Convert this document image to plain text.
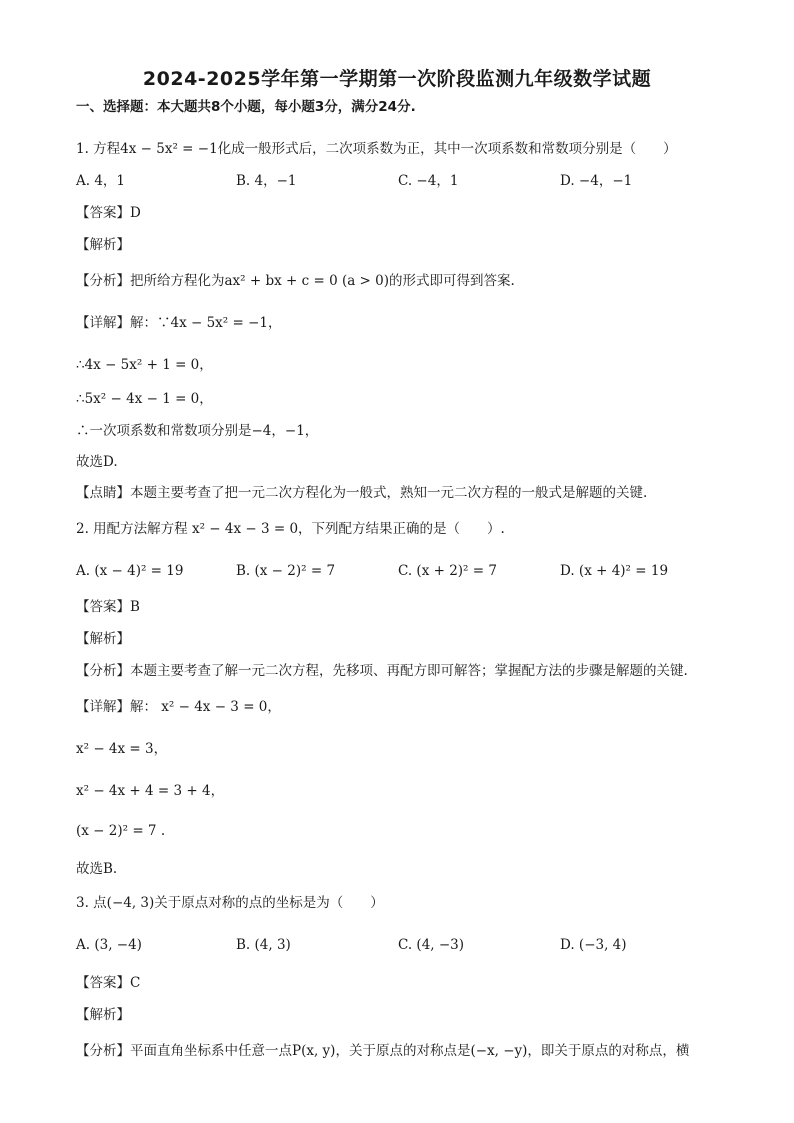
2024-2025学年第一学期第一次阶段监测九年级数学试题
一、选择题：本大题共8个小题，每小题3分，满分24分.
1. 方程4x − 5x² = −1化成一般形式后，二次项系数为正，其中一次项系数和常数项分别是（　　）
A. 4，1	B. 4，−1	C. −4，1	D. −4，−1
【答案】D
【解析】
【分析】把所给方程化为ax² + bx + c = 0 (a > 0)的形式即可得到答案.
【详解】解：∵4x − 5x² = −1，
∴4x − 5x² + 1 = 0，
∴5x² − 4x − 1 = 0，
∴一次项系数和常数项分别是−4，−1，
故选D.
【点睛】本题主要考查了把一元二次方程化为一般式，熟知一元二次方程的一般式是解题的关键.
2. 用配方法解方程 x² − 4x − 3 = 0，下列配方结果正确的是（　　）.
A. (x − 4)² = 19	B. (x − 2)² = 7	C. (x + 2)² = 7	D. (x + 4)² = 19
【答案】B
【解析】
【分析】本题主要考查了解一元二次方程，先移项、再配方即可解答；掌握配方法的步骤是解题的关键.
【详解】解： x² − 4x − 3 = 0，
x² − 4x = 3，
x² − 4x + 4 = 3 + 4，
(x − 2)² = 7 .
故选B.
3. 点(−4, 3)关于原点对称的点的坐标是为（　　）
A. (3, −4)	B. (4, 3)	C. (4, −3)	D. (−3, 4)
【答案】C
【解析】
【分析】平面直角坐标系中任意一点P(x, y)，关于原点的对称点是(−x, −y)，即关于原点的对称点，横
